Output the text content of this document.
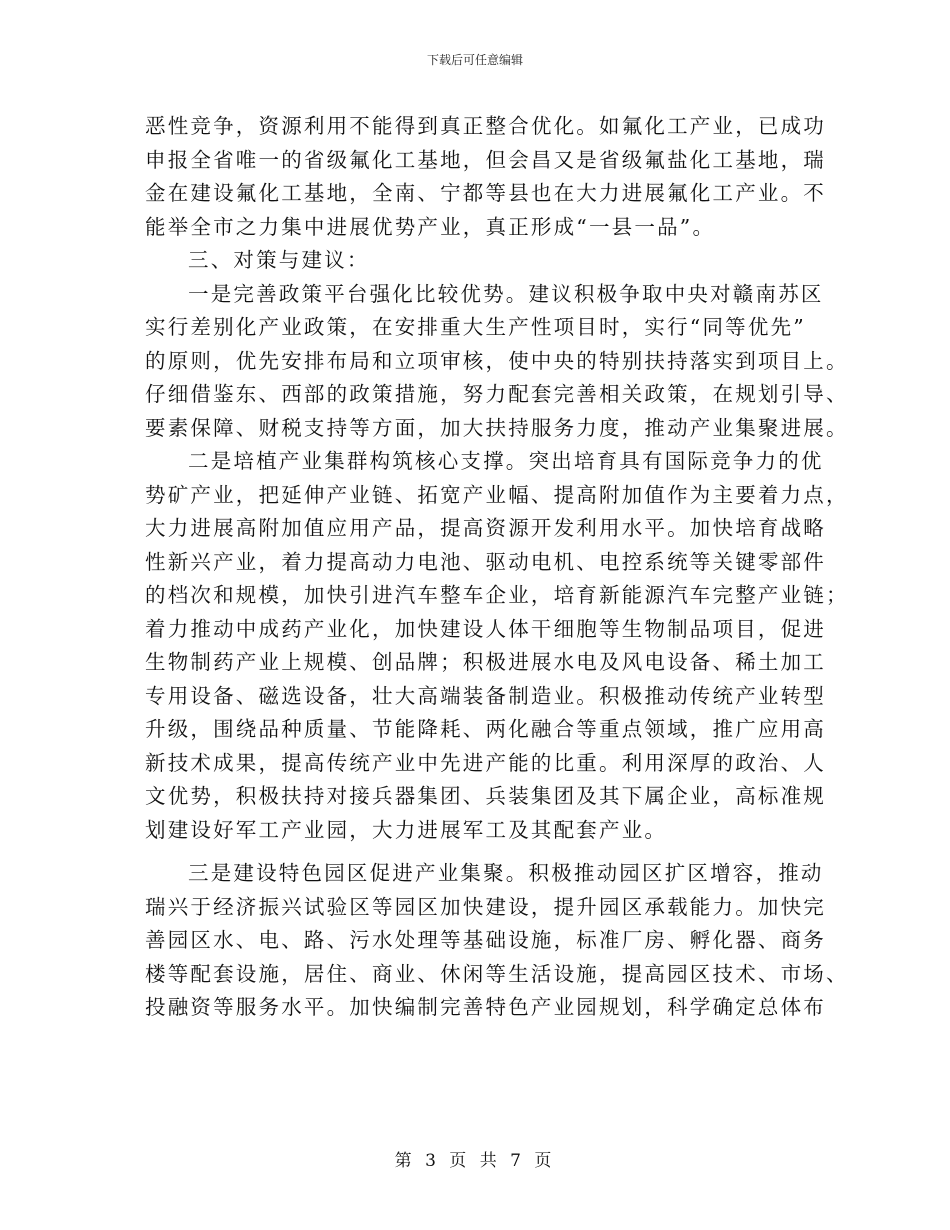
下载后可任意编辑
恶性竞争，资源利用不能得到真正整合优化。如氟化工产业，已成功
申报全省唯一的省级氟化工基地，但会昌又是省级氟盐化工基地，瑞
金在建设氟化工基地，全南、宁都等县也在大力进展氟化工产业。不
能举全市之力集中进展优势产业，真正形成“一县一品”。
三、对策与建议：
一是完善政策平台强化比较优势。建议积极争取中央对赣南苏区
实行差别化产业政策，在安排重大生产性项目时，实行“同等优先”
的原则，优先安排布局和立项审核，使中央的特别扶持落实到项目上。
仔细借鉴东、西部的政策措施，努力配套完善相关政策，在规划引导、
要素保障、财税支持等方面，加大扶持服务力度，推动产业集聚进展。
二是培植产业集群构筑核心支撑。突出培育具有国际竞争力的优
势矿产业，把延伸产业链、拓宽产业幅、提高附加值作为主要着力点，
大力进展高附加值应用产品，提高资源开发利用水平。加快培育战略
性新兴产业，着力提高动力电池、驱动电机、电控系统等关键零部件
的档次和规模，加快引进汽车整车企业，培育新能源汽车完整产业链；
着力推动中成药产业化，加快建设人体干细胞等生物制品项目，促进
生物制药产业上规模、创品牌；积极进展水电及风电设备、稀土加工
专用设备、磁选设备，壮大高端装备制造业。积极推动传统产业转型
升级，围绕品种质量、节能降耗、两化融合等重点领域，推广应用高
新技术成果，提高传统产业中先进产能的比重。利用深厚的政治、人
文优势，积极扶持对接兵器集团、兵装集团及其下属企业，高标准规
划建设好军工产业园，大力进展军工及其配套产业。
三是建设特色园区促进产业集聚。积极推动园区扩区增容，推动
瑞兴于经济振兴试验区等园区加快建设，提升园区承载能力。加快完
善园区水、电、路、污水处理等基础设施，标准厂房、孵化器、商务
楼等配套设施，居住、商业、休闲等生活设施，提高园区技术、市场、
投融资等服务水平。加快编制完善特色产业园规划，科学确定总体布
第 3 页 共 7 页
